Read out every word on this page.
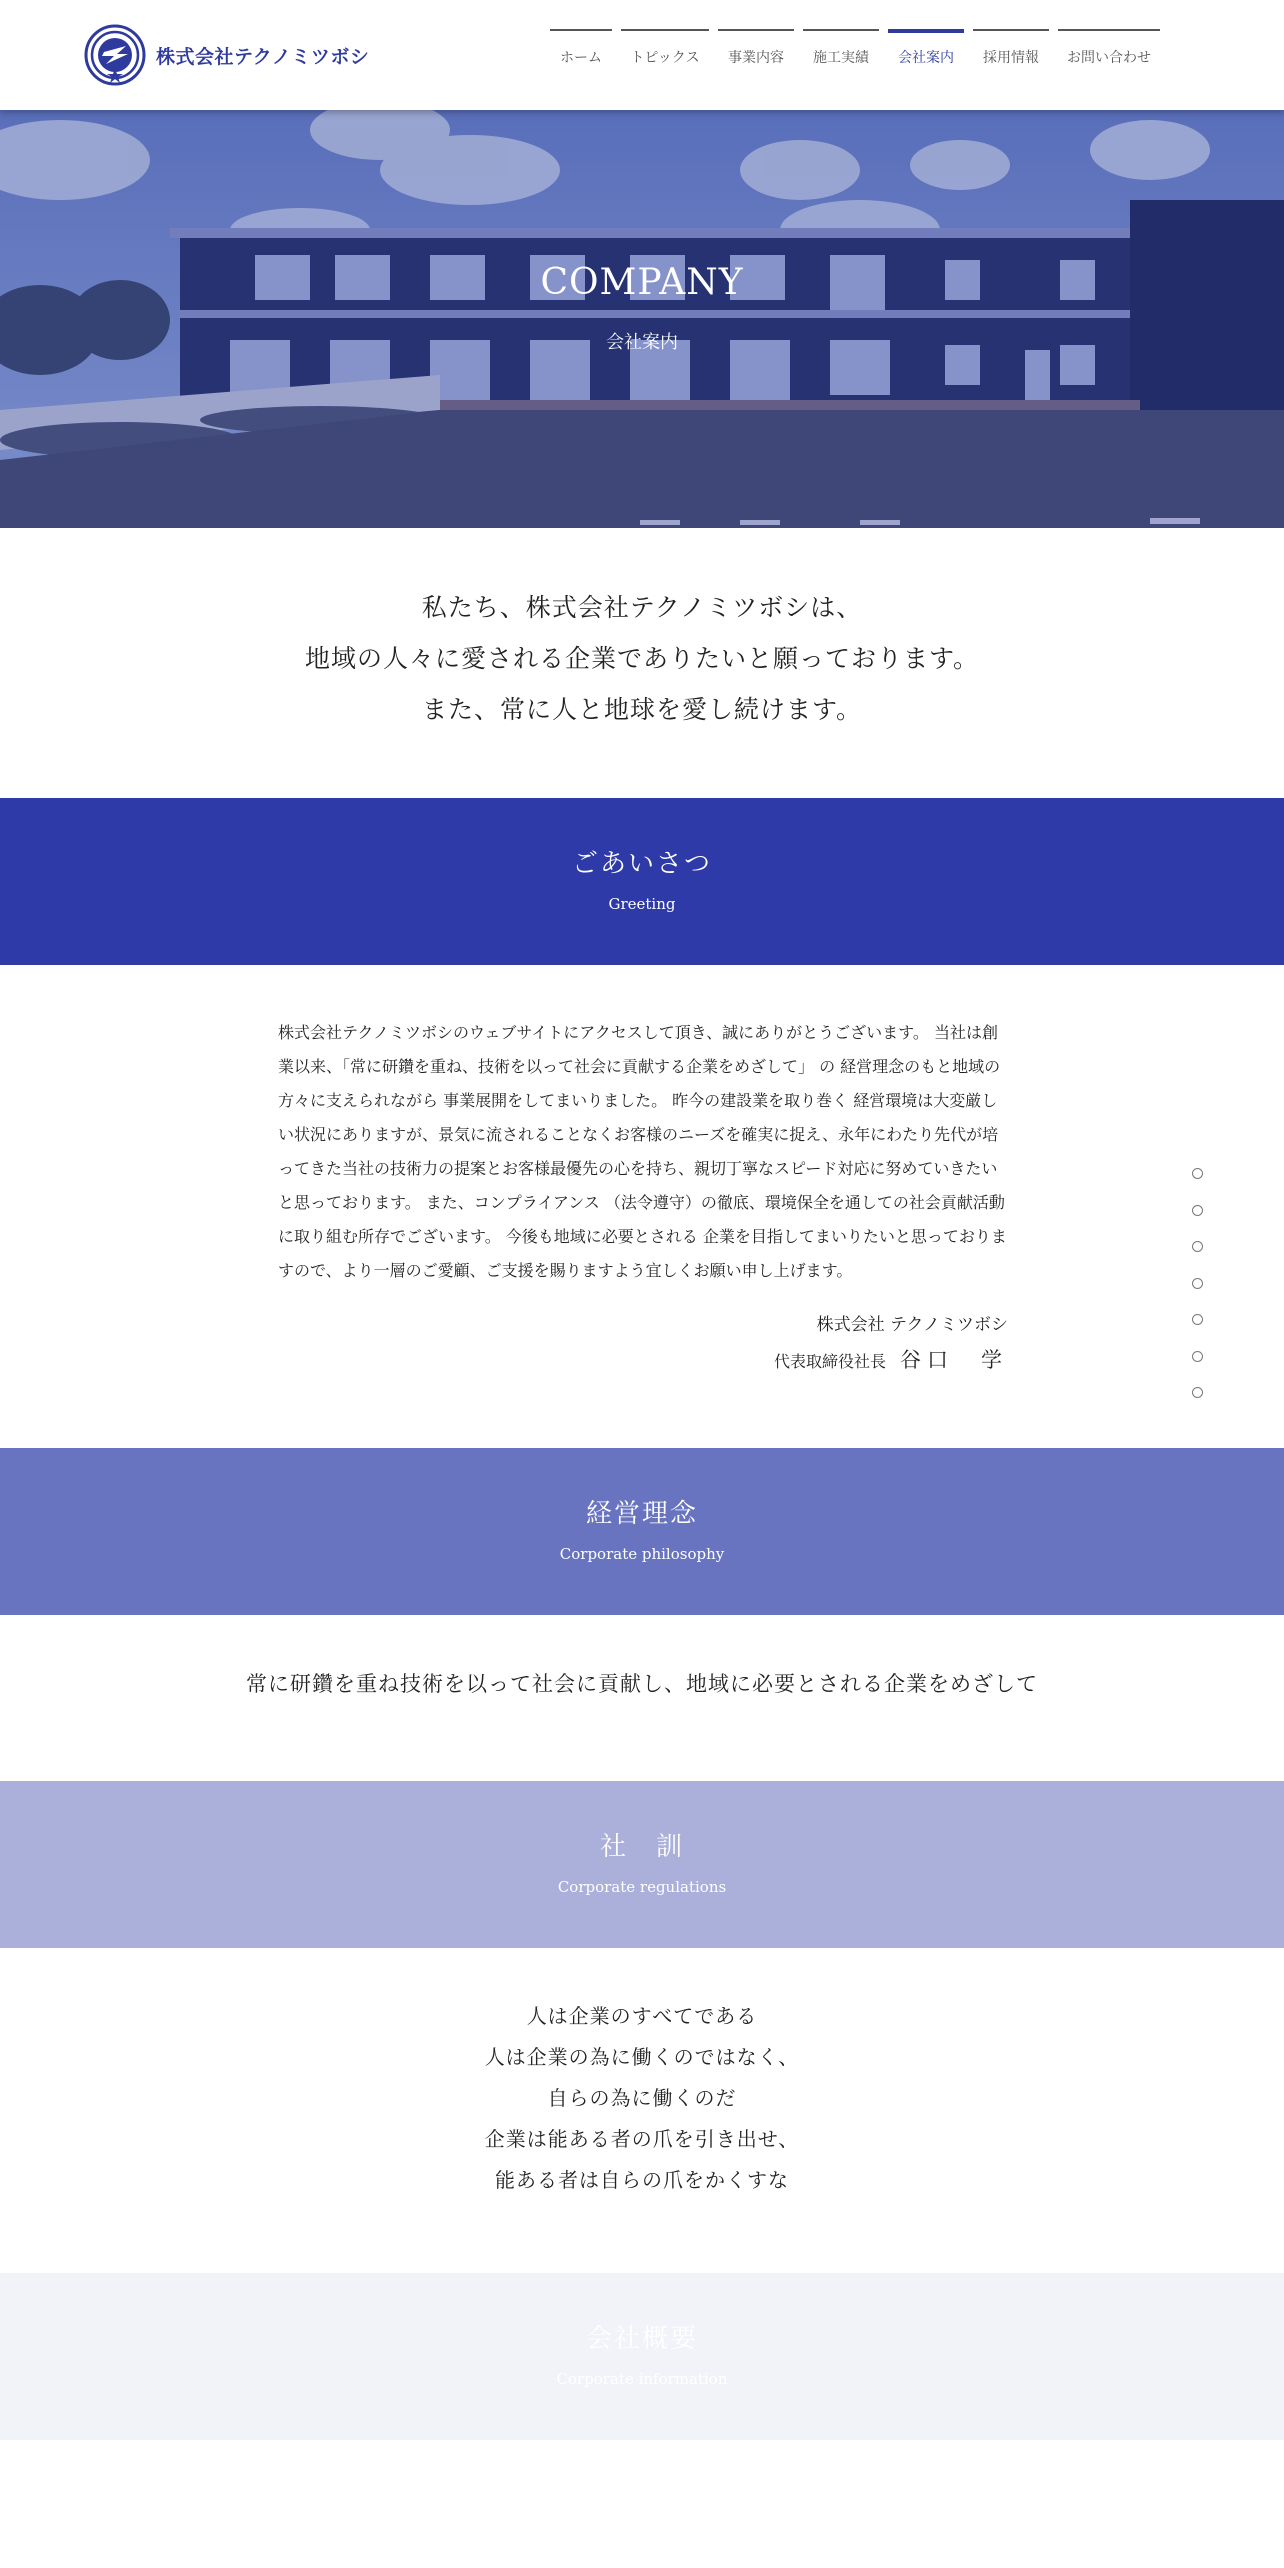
株式会社テクノミツボシ	ホーム	トピックス	事業内容	施工実績	会社案内	採用情報	お問い合わせ
COMPANY
会社案内

私たち、株式会社テクノミツボシは、

地域の人々に愛される企業でありたいと願っております。

また、常に人と地球を愛し続けます。

ごあいさつ
Greeting

株式会社テクノミツボシのウェブサイトにアクセスして頂き、誠にありがとうございます。 当社は創業以来、「常に研鑽を重ね、技術を以って社会に貢献する企業をめざして」 の 経営理念のもと地域の方々に支えられながら 事業展開をしてまいりました。 昨今の建設業を取り巻く 経営環境は大変厳しい状況にありますが、景気に流されることなくお客様のニーズを確実に捉え、永年にわたり先代が培ってきた当社の技術力の提案とお客様最優先の心を持ち、親切丁寧なスピード対応に努めていきたいと思っております。 また、コンプライアンス （法令遵守）の徹底、環境保全を通しての社会貢献活動に取り組む所存でございます。 今後も地域に必要とされる 企業を目指してまいりたいと思っておりますので、より一層のご愛顧、ご支援を賜りますよう宜しくお願い申し上げます。

株式会社 テクノミツボシ
代表取締役社長 谷口　学
経営理念
Corporate philosophy
常に研鑽を重ね技術を以って社会に貢献し、地域に必要とされる企業をめざして
社　訓
Corporate regulations

人は企業のすべてである

人は企業の為に働くのではなく、

自らの為に働くのだ

企業は能ある者の爪を引き出せ、

能ある者は自らの爪をかくすな

会社概要
Corporate information
